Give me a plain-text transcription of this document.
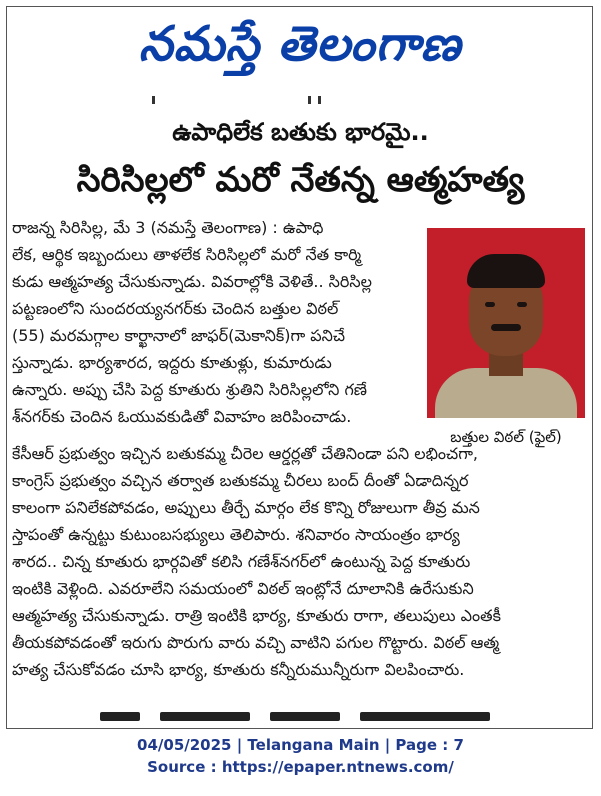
నమస్తే తెలంగాణ
ఉపాధిలేక బతుకు భారమై..
సిరిసిల్లలో మరో నేతన్న ఆత్మహత్య
బత్తుల విఠల్ (ఫైల్)
రాజన్న సిరిసిల్ల, మే 3 (నమస్తే తెలంగాణ) : ఉపాధి
లేక, ఆర్థిక ఇబ్బందులు తాళలేక సిరిసిల్లలో మరో నేత కార్మి
కుడు ఆత్మహత్య చేసుకున్నాడు. వివరాల్లోకి వెళితే.. సిరిసిల్ల
పట్టణంలోని సుందరయ్యనగర్‌కు చెందిన బత్తుల విఠల్
(55) మరమగ్గాల కార్ఖానాలో జాఫర్(మెకానిక్)గా పనిచే
స్తున్నాడు. భార్యశారద, ఇద్దరు కూతుళ్లు, కుమారుడు
ఉన్నారు. అప్పు చేసి పెద్ద కూతురు శ్రుతిని సిరిసిల్లలోని గణే
శ్‌నగర్‌కు చెందిన ఓయువకుడితో వివాహం జరిపించాడు.
కేసీఆర్ ప్రభుత్వం ఇచ్చిన బతుకమ్మ చీరెల ఆర్డర్లతో చేతినిండా పని లభించగా,
కాంగ్రెస్ ప్రభుత్వం వచ్చిన తర్వాత బతుకమ్మ చీరలు బంద్ దీంతో ఏడాదిన్నర
కాలంగా పనిలేకపోవడం, అప్పులు తీర్చే మార్గం లేక కొన్ని రోజులుగా తీవ్ర మన
స్తాపంతో ఉన్నట్టు కుటుంబసభ్యులు తెలిపారు. శనివారం సాయంత్రం భార్య
శారద.. చిన్న కూతురు భార్గవితో కలిసి గణేశ్‌నగర్‌లో ఉంటున్న పెద్ద కూతురు
ఇంటికి వెళ్లింది. ఎవరూలేని సమయంలో విఠల్ ఇంట్లోనే దూలానికి ఉరేసుకుని
ఆత్మహత్య చేసుకున్నాడు. రాత్రి ఇంటికి భార్య, కూతురు రాగా, తలుపులు ఎంతకీ
తీయకపోవడంతో ఇరుగు పొరుగు వారు వచ్చి వాటిని పగుల గొట్టారు. విఠల్ ఆత్మ
హత్య చేసుకోవడం చూసి భార్య, కూతురు కన్నీరుమున్నీరుగా విలపించారు.
04/05/2025 | Telangana Main | Page : 7
Source : https://epaper.ntnews.com/
